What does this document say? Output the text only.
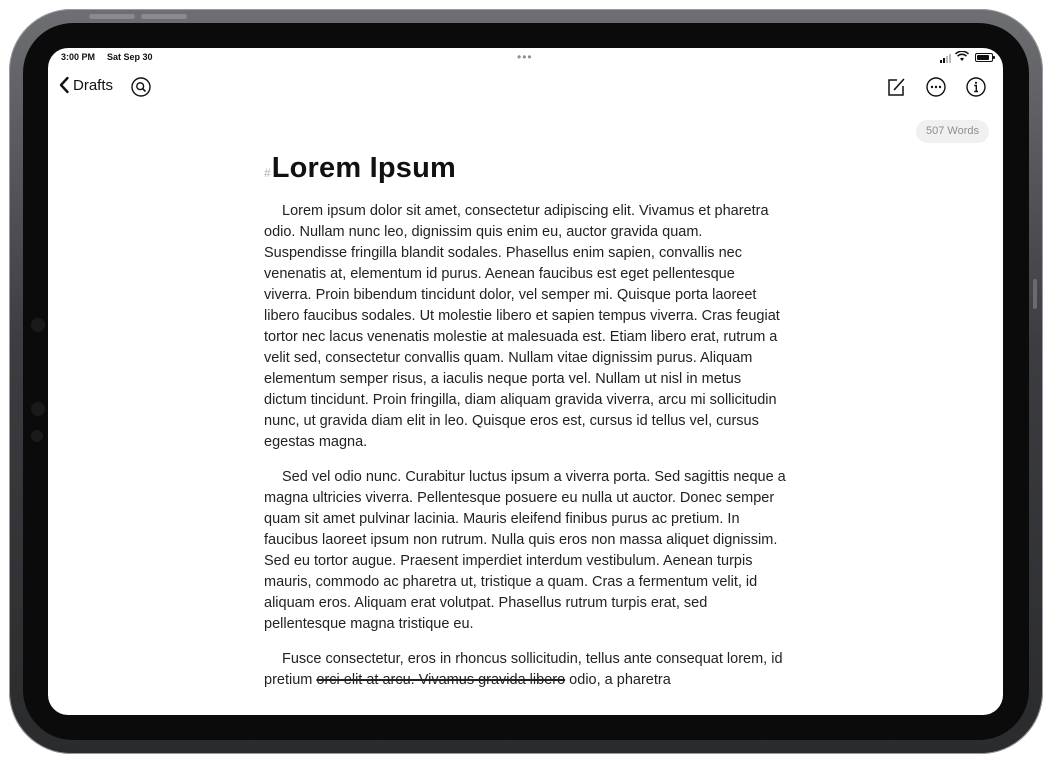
3:00 PM Sat Sep 30	•••
Drafts
507 Words
# Lorem Ipsum

Lorem ipsum dolor sit amet, consectetur adipiscing elit. Vivamus et pharetra odio. Nullam nunc leo, dignissim quis enim eu, auctor gravida quam. Suspendisse fringilla blandit sodales. Phasellus enim sapien, convallis nec venenatis at, elementum id purus. Aenean faucibus est eget pellentesque viverra. Proin bibendum tincidunt dolor, vel semper mi. Quisque porta laoreet libero faucibus sodales. Ut molestie libero et sapien tempus viverra. Cras feugiat tortor nec lacus venenatis molestie at malesuada est. Etiam libero erat, rutrum a velit sed, consectetur convallis quam. Nullam vitae dignissim purus. Aliquam elementum semper risus, a iaculis neque porta vel. Nullam ut nisl in metus dictum tincidunt. Proin fringilla, diam aliquam gravida viverra, arcu mi sollicitudin nunc, ut gravida diam elit in leo. Quisque eros est, cursus id tellus vel, cursus egestas magna.

Sed vel odio nunc. Curabitur luctus ipsum a viverra porta. Sed sagittis neque a magna ultricies viverra. Pellentesque posuere eu nulla ut auctor. Donec semper quam sit amet pulvinar lacinia. Mauris eleifend finibus purus ac pretium. In faucibus laoreet ipsum non rutrum. Nulla quis eros non massa aliquet dignissim. Sed eu tortor augue. Praesent imperdiet interdum vestibulum. Aenean turpis mauris, commodo ac pharetra ut, tristique a quam. Cras a fermentum velit, id aliquam eros. Aliquam erat volutpat. Phasellus rutrum turpis erat, sed pellentesque magna tristique eu.

Fusce consectetur, eros in rhoncus sollicitudin, tellus ante consequat lorem, id pretium orci elit at arcu. Vivamus gravida libero odio, a pharetra
